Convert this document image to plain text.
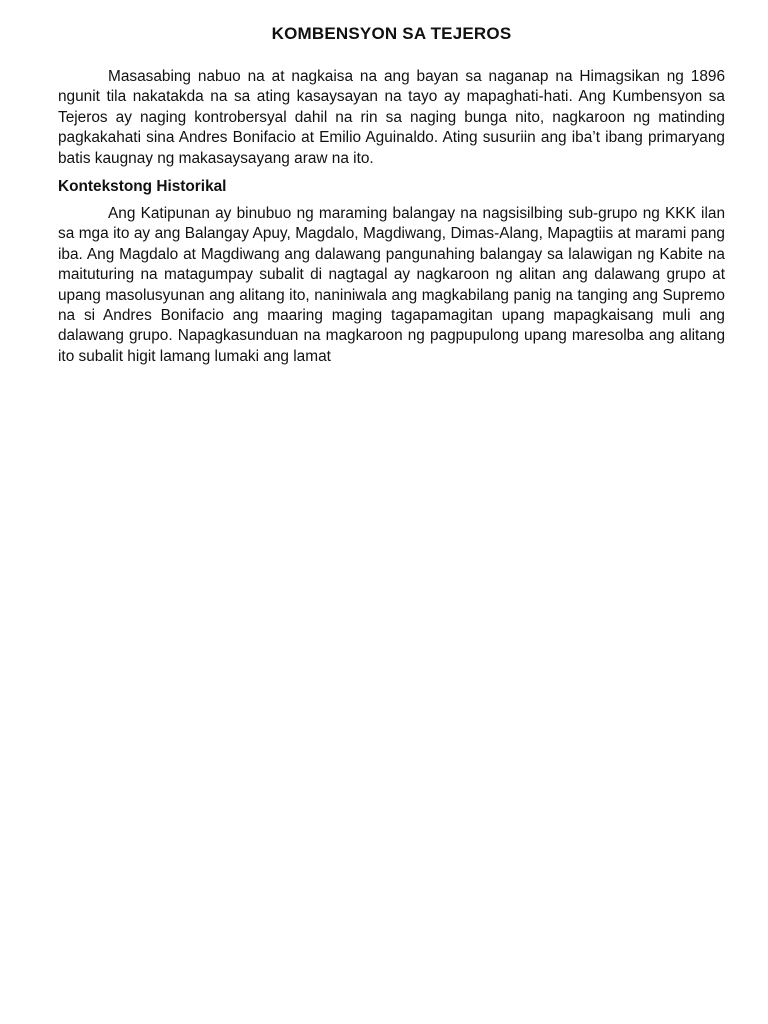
KOMBENSYON SA TEJEROS

Masasabing nabuo na at nagkaisa na ang bayan sa naganap na Himagsikan ng 1896 ngunit tila nakatakda na sa ating kasaysayan na tayo ay mapaghati-hati. Ang Kumbensyon sa Tejeros ay naging kontrobersyal dahil na rin sa naging bunga nito, nagkaroon ng matinding pagkakahati sina Andres Bonifacio at Emilio Aguinaldo. Ating susuriin ang iba’t ibang primaryang batis kaugnay ng makasaysayang araw na ito.

Kontekstong Historikal

Ang Katipunan ay binubuo ng maraming balangay na nagsisilbing sub-grupo ng KKK ilan sa mga ito ay ang Balangay Apuy, Magdalo, Magdiwang, Dimas-Alang, Mapagtiis at marami pang iba. Ang Magdalo at Magdiwang ang dalawang pangunahing balangay sa lalawigan ng Kabite na maituturing na matagumpay subalit di nagtagal ay nagkaroon ng alitan ang dalawang grupo at upang masolusyunan ang alitang ito, naniniwala ang magkabilang panig na tanging ang Supremo na si Andres Bonifacio ang maaring maging tagapamagitan upang mapagkaisang muli ang dalawang grupo. Napagkasunduan na magkaroon ng pagpupulong upang maresolba ang alitang ito subalit higit lamang lumaki ang lamat
